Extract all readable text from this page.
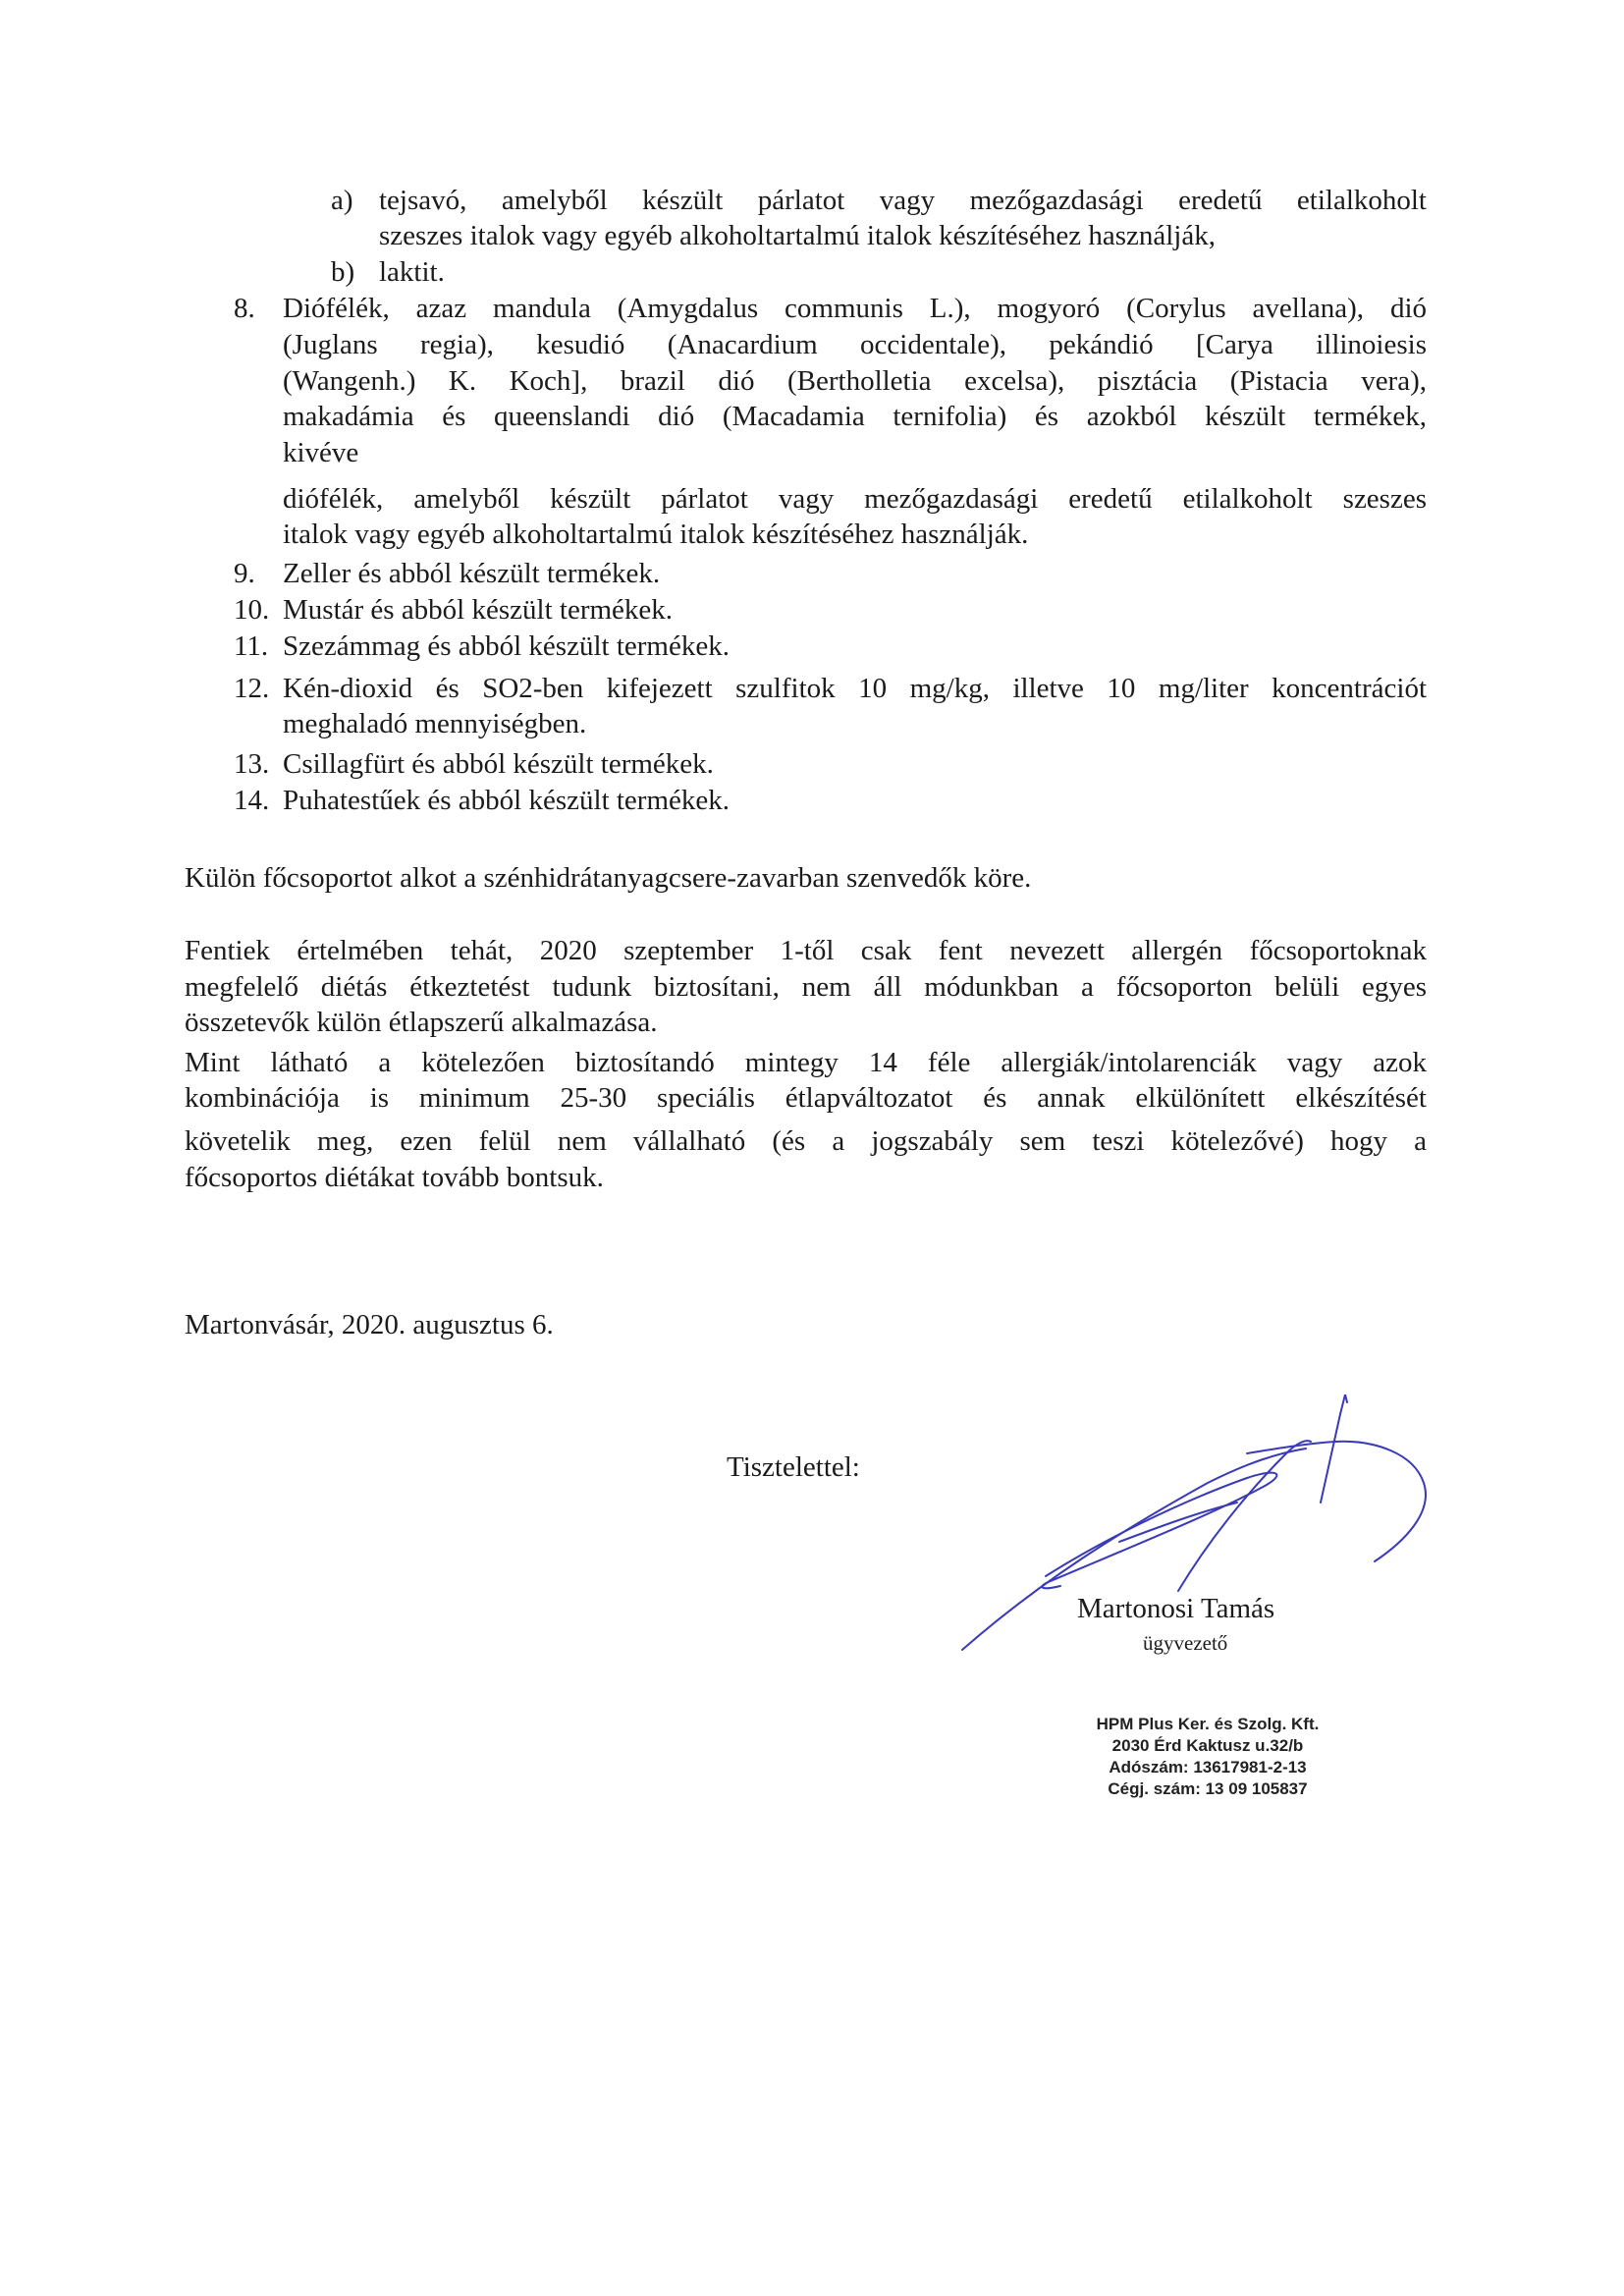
a) tejsavó, amelyből készült párlatot vagy mezőgazdasági eredetű etilalkoholt
szeszes italok vagy egyéb alkoholtartalmú italok készítéséhez használják,
b) laktit.
8. Diófélék, azaz mandula (Amygdalus communis L.), mogyoró (Corylus avellana), dió
(Juglans regia), kesudió (Anacardium occidentale), pekándió [Carya illinoiesis
(Wangenh.) K. Koch], brazil dió (Bertholletia excelsa), pisztácia (Pistacia vera),
makadámia és queenslandi dió (Macadamia ternifolia) és azokból készült termékek,
kivéve
diófélék, amelyből készült párlatot vagy mezőgazdasági eredetű etilalkoholt szeszes
italok vagy egyéb alkoholtartalmú italok készítéséhez használják.
9. Zeller és abból készült termékek.
10. Mustár és abból készült termékek.
11. Szezámmag és abból készült termékek.
12. Kén-dioxid és SO2-ben kifejezett szulfitok 10 mg/kg, illetve 10 mg/liter koncentrációt
meghaladó mennyiségben.
13. Csillagfürt és abból készült termékek.
14. Puhatestűek és abból készült termékek.
Külön főcsoportot alkot a szénhidrátanyagcsere-zavarban szenvedők köre.
Fentiek értelmében tehát, 2020 szeptember 1-től csak fent nevezett allergén főcsoportoknak
megfelelő diétás étkeztetést tudunk biztosítani, nem áll módunkban a főcsoporton belüli egyes
összetevők külön étlapszerű alkalmazása.
Mint látható a kötelezően biztosítandó mintegy 14 féle allergiák/intolarenciák vagy azok
kombinációja is minimum 25-30 speciális étlapváltozatot és annak elkülönített elkészítését
követelik meg, ezen felül nem vállalható (és a jogszabály sem teszi kötelezővé) hogy a
főcsoportos diétákat tovább bontsuk.
Martonvásár, 2020. augusztus 6.
Tisztelettel:
Martonosi Tamás
ügyvezető
HPM Plus Ker. és Szolg. Kft.
2030 Érd Kaktusz u.32/b
Adószám: 13617981-2-13
Cégj. szám: 13 09 105837
